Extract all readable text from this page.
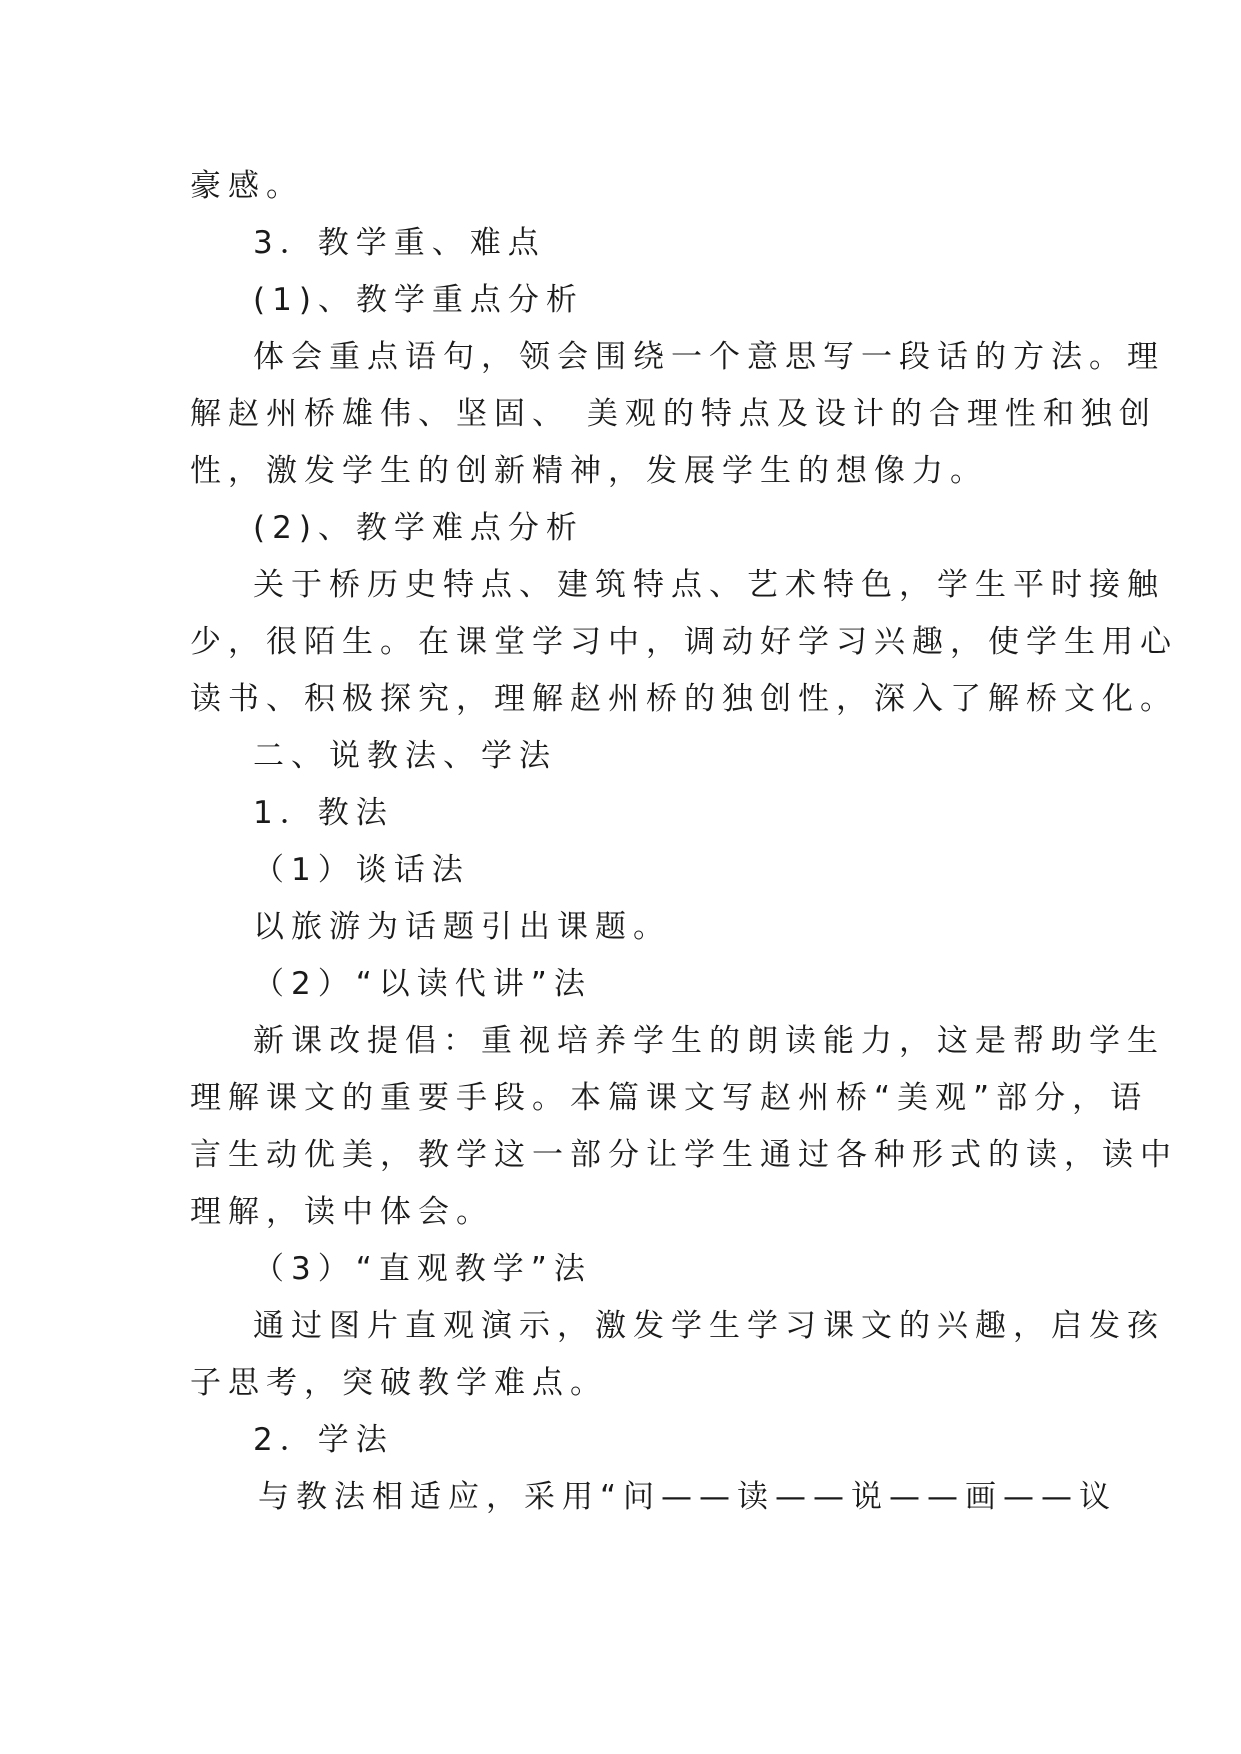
豪感。
3．教学重、难点
(1)、教学重点分析
体会重点语句，领会围绕一个意思写一段话的方法。理
解赵州桥雄伟、坚固、 美观的特点及设计的合理性和独创
性，激发学生的创新精神，发展学生的想像力。
(2)、教学难点分析
关于桥历史特点、建筑特点、艺术特色，学生平时接触
少，很陌生。在课堂学习中，调动好学习兴趣，使学生用心
读书、积极探究，理解赵州桥的独创性，深入了解桥文化。
二、说教法、学法
1．教法
（1）谈话法
以旅游为话题引出课题。
（2）“以读代讲”法
新课改提倡：重视培养学生的朗读能力，这是帮助学生
理解课文的重要手段。本篇课文写赵州桥“美观”部分，语
言生动优美，教学这一部分让学生通过各种形式的读，读中
理解，读中体会。
（3）“直观教学”法
通过图片直观演示，激发学生学习课文的兴趣，启发孩
子思考，突破教学难点。
2．学法
与教法相适应，采用“问——读——说——画——议
